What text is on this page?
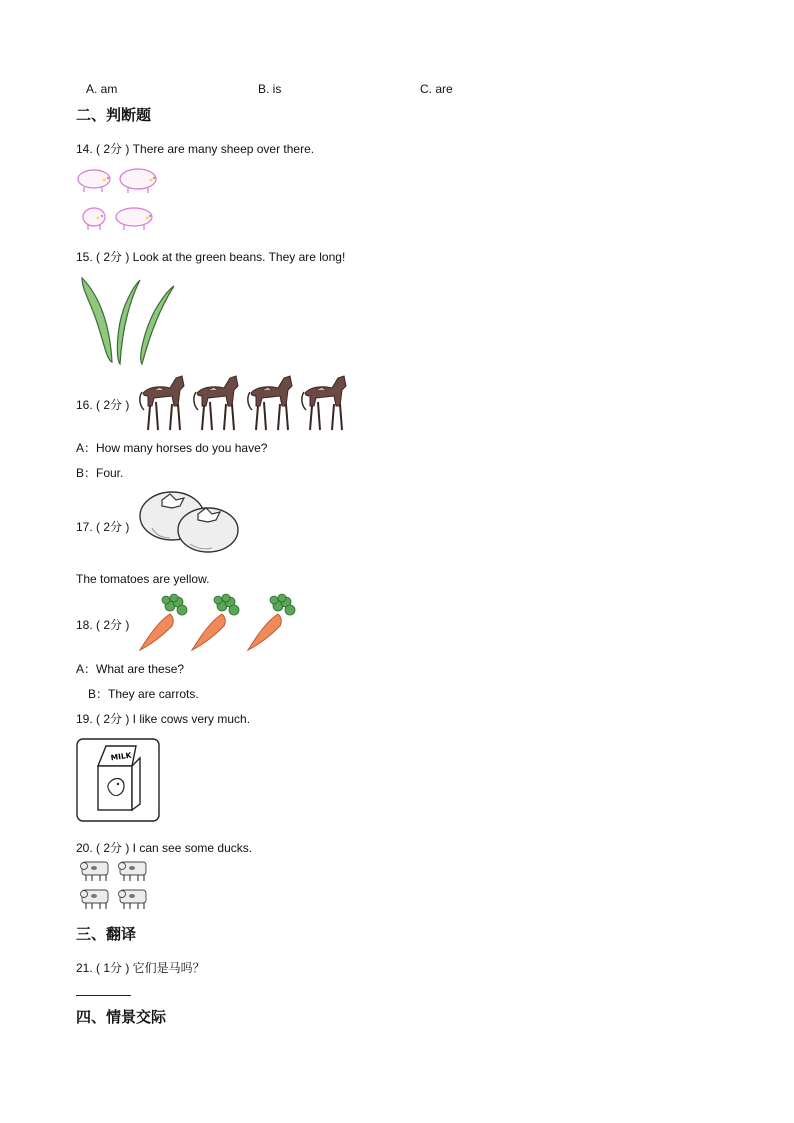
A. am	B. is	C. are
二、判断题
14. ( 2分 ) There are many sheep over there.
15. ( 2分 ) Look at the green beans. They are long!
16. ( 2分 )
A：How many horses do you have?
B：Four.
17. ( 2分 )
The tomatoes are yellow.
18. ( 2分 )
A：What are these?
B：They are carrots.
19. ( 2分 ) I like cows very much.
MILK
20. ( 2分 ) I can see some ducks.
三、翻译
21. ( 1分 ) 它们是马吗？
四、情景交际
